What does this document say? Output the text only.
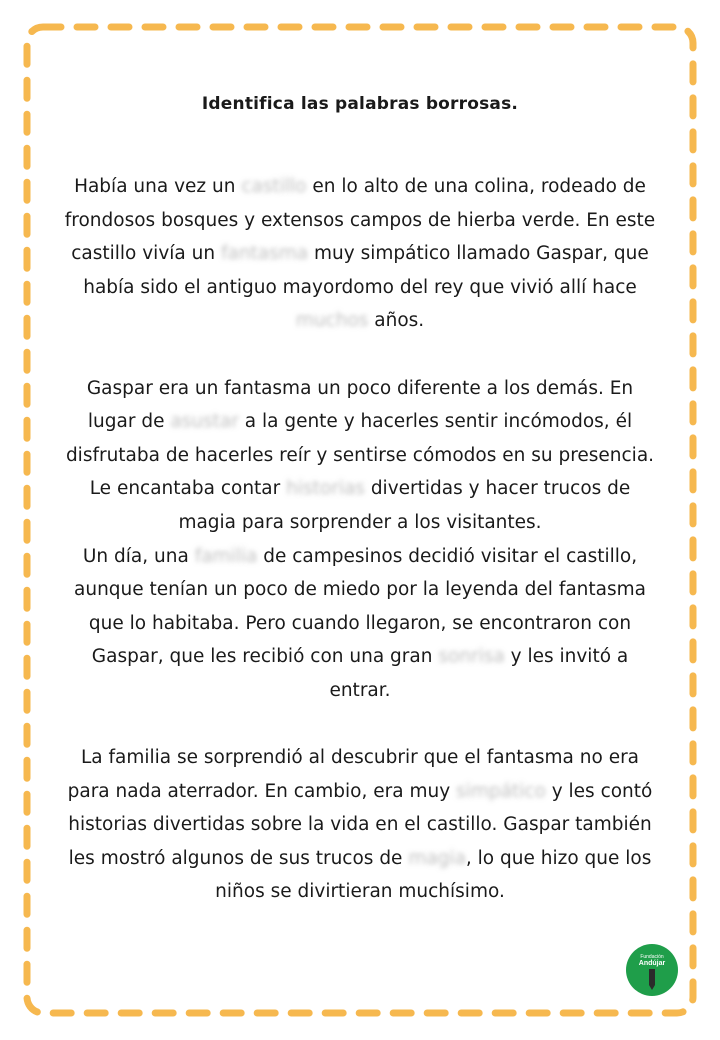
Identifica las palabras borrosas.

Había una vez un castillo en lo alto de una colina, rodeado de frondosos bosques y extensos campos de hierba verde. En este castillo vivía un fantasma muy simpático llamado Gaspar, que había sido el antiguo mayordomo del rey que vivió allí hace muchos años.

Gaspar era un fantasma un poco diferente a los demás. En lugar de asustar a la gente y hacerles sentir incómodos, él disfrutaba de hacerles reír y sentirse cómodos en su presencia. Le encantaba contar historias divertidas y hacer trucos de magia para sorprender a los visitantes.

Un día, una familia de campesinos decidió visitar el castillo, aunque tenían un poco de miedo por la leyenda del fantasma que lo habitaba. Pero cuando llegaron, se encontraron con Gaspar, que les recibió con una gran sonrisa y les invitó a entrar.

La familia se sorprendió al descubrir que el fantasma no era para nada aterrador. En cambio, era muy simpático y les contó historias divertidas sobre la vida en el castillo. Gaspar también les mostró algunos de sus trucos de magia, lo que hizo que los niños se divirtieran muchísimo.

Fundación
Andújar
